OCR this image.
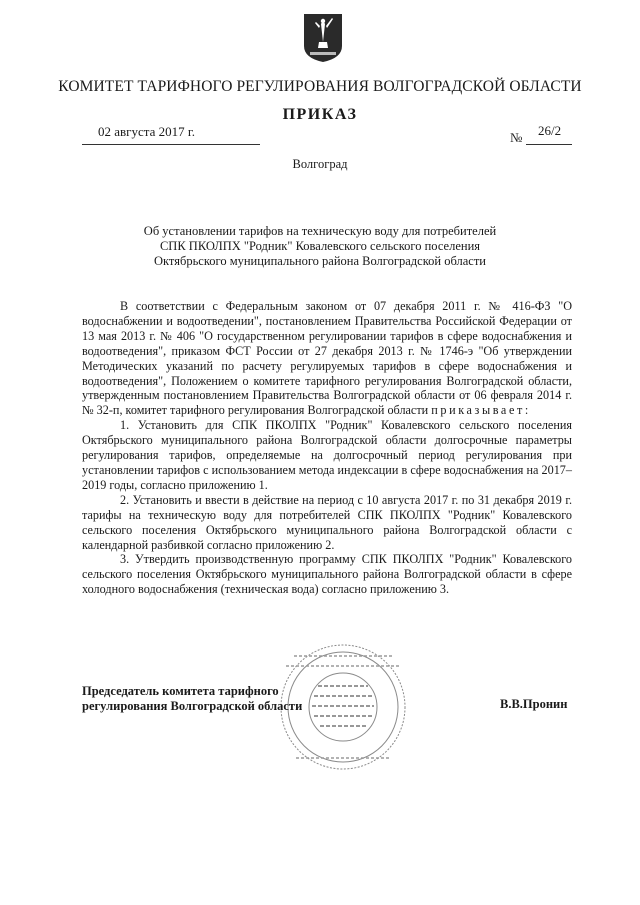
КОМИТЕТ ТАРИФНОГО РЕГУЛИРОВАНИЯ ВОЛГОГРАДСКОЙ ОБЛАСТИ
ПРИКАЗ
02 августа 2017 г.	№ 26/2
Волгоград
Об установлении тарифов на техническую воду для потребителей
СПК ПКОЛПХ "Родник" Ковалевского сельского поселения
Октябрьского муниципального района Волгоградской области

В соответствии с Федеральным законом от 07 декабря 2011 г. № 416-ФЗ "О водоснабжении и водоотведении", постановлением Правительства Российской Федерации от 13 мая 2013 г. № 406 "О государственном регулировании тарифов в сфере водоснабжения и водоотведения", приказом ФСТ России от 27 декабря 2013 г. № 1746-э "Об утверждении Методических указаний по расчету регулируемых тарифов в сфере водоснабжения и водоотведения", Положением о комитете тарифного регулирования Волгоградской области, утвержденным постановлением Правительства Волгоградской области от 06 февраля 2014 г. № 32-п, комитет тарифного регулирования Волгоградской области приказывает:

1. Установить для СПК ПКОЛПХ "Родник" Ковалевского сельского поселения Октябрьского муниципального района Волгоградской области долгосрочные параметры регулирования тарифов, определяемые на долгосрочный период регулирования при установлении тарифов с использованием метода индексации в сфере водоснабжения на 2017–2019 годы, согласно приложению 1.

2. Установить и ввести в действие на период с 10 августа 2017 г. по 31 декабря 2019 г. тарифы на техническую воду для потребителей СПК ПКОЛПХ "Родник" Ковалевского сельского поселения Октябрьского муниципального района Волгоградской области с календарной разбивкой согласно приложению 2.

3. Утвердить производственную программу СПК ПКОЛПХ "Родник" Ковалевского сельского поселения Октябрьского муниципального района Волгоградской области в сфере холодного водоснабжения (техническая вода) согласно приложению 3.

Председатель комитета тарифного
регулирования Волгоградской области	В.В.Пронин
